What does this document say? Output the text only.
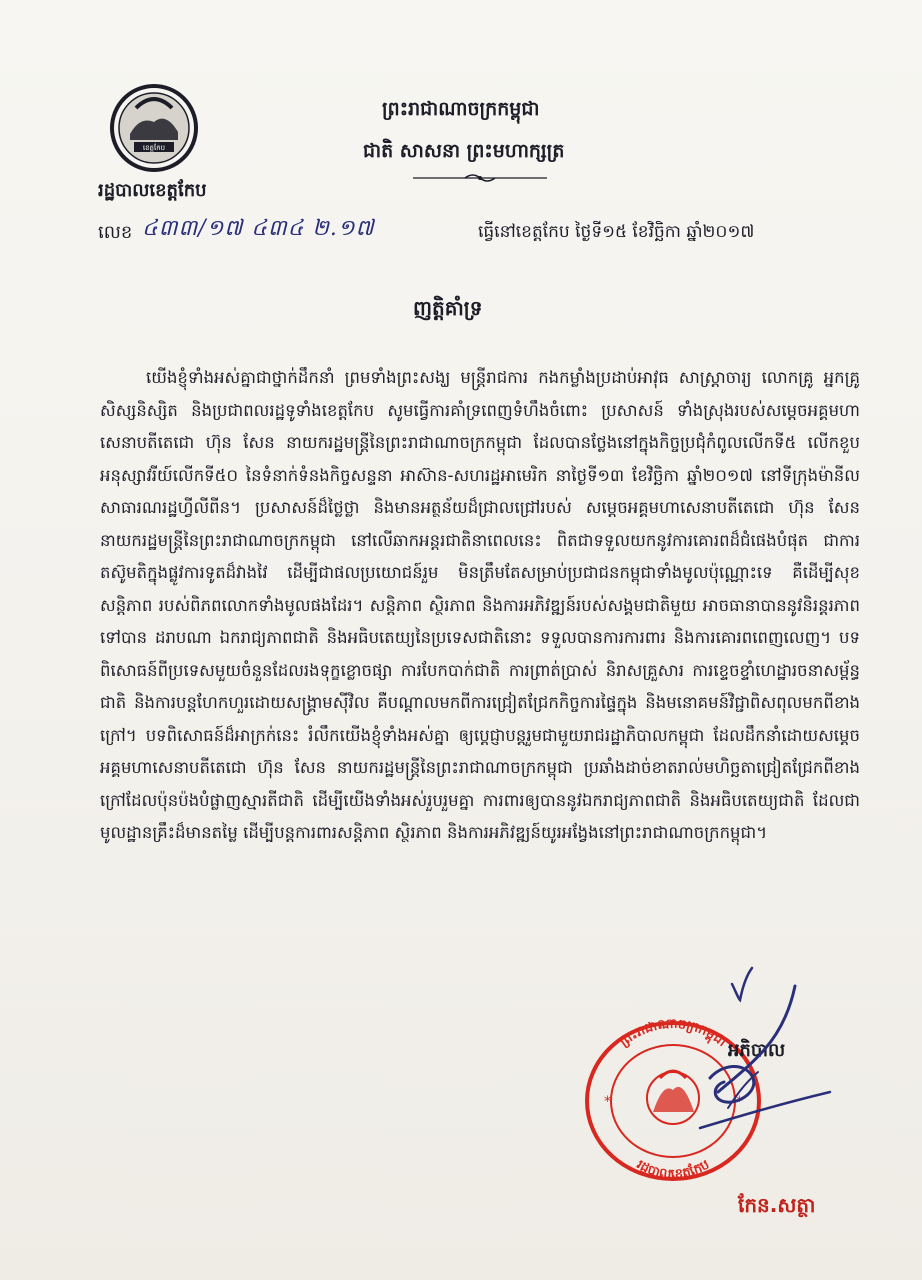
ខេត្តកែប
ព្រះរាជាណាចក្រកម្ពុជា
ជាតិ សាសនា ព្រះមហាក្សត្រ
រដ្ឋបាលខេត្តកែប
លេខ ៤៣៣/១៧ ៤៣៤ ២.១៧	ធ្វើនៅខេត្តកែប ថ្ងៃទី១៥ ខែវិច្ឆិកា ឆ្នាំ២០១៧
ញត្តិគាំទ្រ
យើងខ្ញុំទាំងអស់គ្នាជាថ្នាក់ដឹកនាំ ព្រមទាំងព្រះសង្ឃ មន្ត្រីរាជការ កងកម្លាំងប្រដាប់អាវុធ សាស្ត្រាចារ្យ លោកគ្រូ អ្នកគ្រូ សិស្សនិស្សិត និងប្រជាពលរដ្ឋទូទាំងខេត្តកែប សូមធ្វើការគាំទ្រពេញទំហឹងចំពោះ ប្រសាសន៍ ទាំងស្រុងរបស់សម្តេចអគ្គមហាសេនាបតីតេជោ ហ៊ុន សែន នាយករដ្ឋមន្ត្រីនៃព្រះរាជាណាចក្រកម្ពុជា ដែលបានថ្លែងនៅក្នុងកិច្ចប្រជុំកំពូលលើកទី៥ លើកខួបអនុស្សាវរីយ៍លើកទី៥០ នៃទំនាក់ទំនងកិច្ចសន្ទនា អាស៊ាន-សហរដ្ឋអាមេរិក នាថ្ងៃទី១៣ ខែវិច្ឆិកា ឆ្នាំ២០១៧ នៅទីក្រុងម៉ានីល សាធារណរដ្ឋហ្វីលីពីន។ ប្រសាសន៍ដ៏ថ្លៃថ្លា និងមានអត្ថន័យដ៏ជ្រាលជ្រៅរបស់ សម្តេចអគ្គមហាសេនាបតីតេជោ ហ៊ុន សែន នាយករដ្ឋមន្ត្រីនៃព្រះរាជាណាចក្រកម្ពុជា នៅលើឆាកអន្តរជាតិនាពេលនេះ ពិតជាទទួលយកនូវការគោរពដ៏ជំផេងបំផុត ជាការតស៊ូមតិក្នុងផ្លូវការទូតដ៏វាងវៃ ដើម្បីជាផលប្រយោជន៍រួម មិនត្រឹមតែសម្រាប់ប្រជាជនកម្ពុជាទាំងមូលប៉ុណ្ណោះទេ គឺដើម្បីសុខសន្តិភាព របស់ពិភពលោកទាំងមូលផងដែរ។ សន្តិភាព ស្ថិរភាព និងការអភិវឌ្ឍន៍របស់សង្គមជាតិមួយ អាចធានាបាននូវនិរន្តរភាពទៅបាន ដរាបណា ឯករាជ្យភាពជាតិ និងអធិបតេយ្យនៃប្រទេសជាតិនោះ ទទួលបានការការពារ និងការគោរពពេញលេញ។ បទពិសោធន៍ពីប្រទេសមួយចំនួនដែលរងទុក្ខខ្លោចផ្សា ការបែកបាក់ជាតិ ការព្រាត់ប្រាស់ និរាសគ្រួសារ ការខ្ទេចខ្ទាំហេដ្ឋារចនាសម្ព័ន្ធជាតិ និងការបន្តហែកហួរដោយសង្គ្រាមស៊ីវិល គឺបណ្តាលមកពីការជ្រៀតជ្រែកកិច្ចការផ្ទៃក្នុង និងមនោគមន៍វិជ្ជាពិសពុលមកពីខាងក្រៅ។ បទពិសោធន៍ដ៏អាក្រក់នេះ រំលឹកយើងខ្ញុំទាំងអស់គ្នា ឲ្យប្តេជ្ញាបន្តរួមជាមួយរាជរដ្ឋាភិបាលកម្ពុជា ដែលដឹកនាំដោយសម្តេចអគ្គមហាសេនាបតីតេជោ ហ៊ុន សែន នាយករដ្ឋមន្ត្រីនៃព្រះរាជាណាចក្រកម្ពុជា ប្រឆាំងដាច់ខាតរាល់មហិច្ឆតាជ្រៀតជ្រែកពីខាងក្រៅដែលប៉ុនប៉ងបំផ្លាញស្មារតីជាតិ ដើម្បីយើងទាំងអស់រួបរួមគ្នា ការពារឲ្យបាននូវឯករាជ្យភាពជាតិ និងអធិបតេយ្យជាតិ ដែលជាមូលដ្ឋានគ្រឹះដ៏មានតម្លៃ ដើម្បីបន្តការពារសន្តិភាព ស្ថិរភាព និងការអភិវឌ្ឍន៍យូរអង្វែងនៅព្រះរាជាណាចក្រកម្ពុជា។
ព្រះរាជាណាចក្រកម្ពុជា
រដ្ឋបាលខេត្តកែប
*	*
អភិបាល
កែន.សត្ថា
